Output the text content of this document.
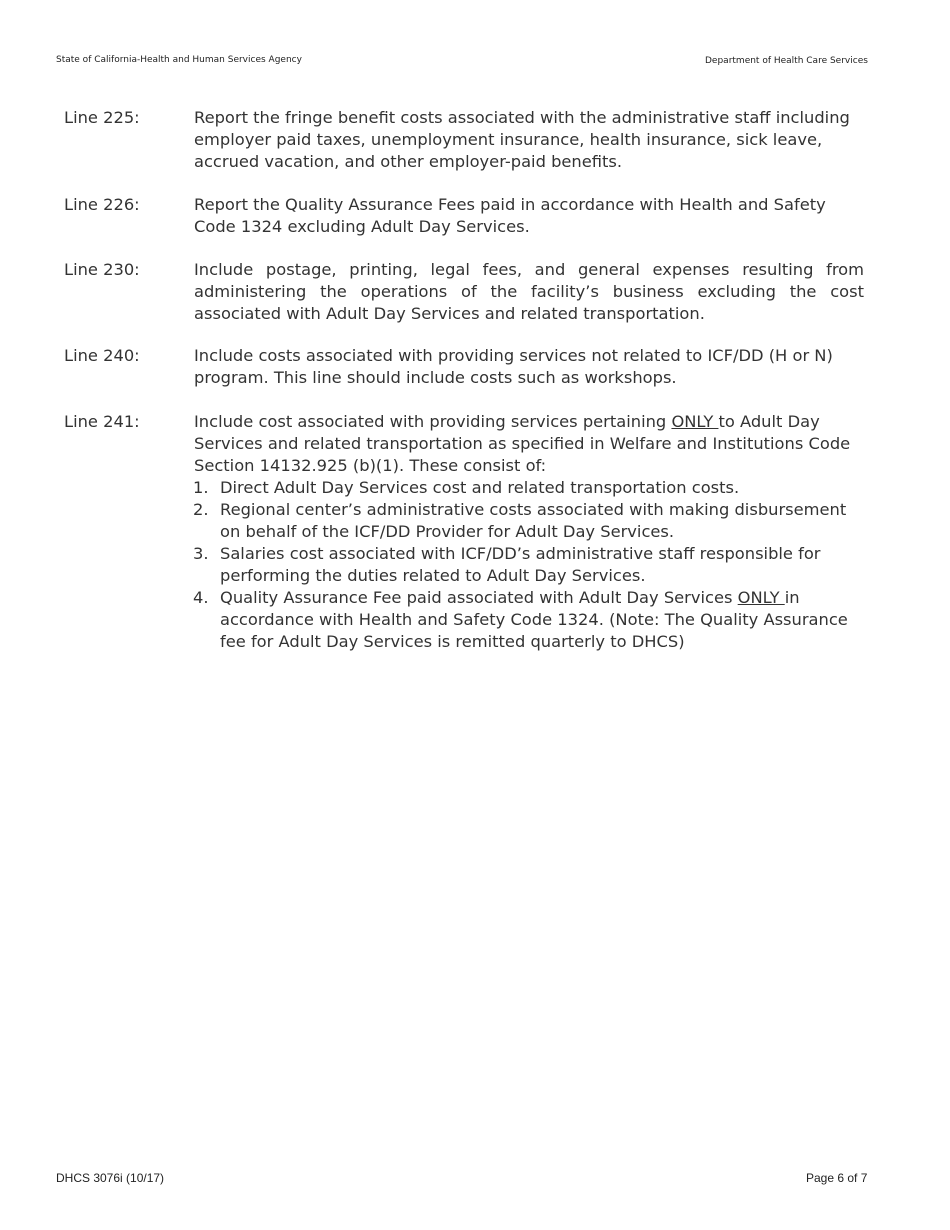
State of California-Health and Human Services Agency	Department of Health Care Services
Line 225:	Report the fringe benefit costs associated with the administrative staff including employer paid taxes, unemployment insurance, health insurance, sick leave, accrued vacation, and other employer-paid benefits.

Line 226:	Report the Quality Assurance Fees paid in accordance with Health and Safety Code 1324 excluding Adult Day Services.

Line 230:	Include postage, printing, legal fees, and general expenses resulting from administering the operations of the facility’s business excluding the cost associated with Adult Day Services and related transportation.

Line 240:	Include costs associated with providing services not related to ICF/DD (H or N) program. This line should include costs such as workshops.

Line 241:	Include cost associated with providing services pertaining ONLY to Adult Day Services and related transportation as specified in Welfare and Institutions Code Section 14132.925 (b)(1). These consist of:

1. Direct Adult Day Services cost and related transportation costs.
2. Regional center’s administrative costs associated with making disbursement on behalf of the ICF/DD Provider for Adult Day Services.
3. Salaries cost associated with ICF/DD’s administrative staff responsible for performing the duties related to Adult Day Services.
4. Quality Assurance Fee paid associated with Adult Day Services ONLY in accordance with Health and Safety Code 1324. (Note: The Quality Assurance fee for Adult Day Services is remitted quarterly to DHCS)
DHCS 3076i (10/17)	Page 6 of 7
